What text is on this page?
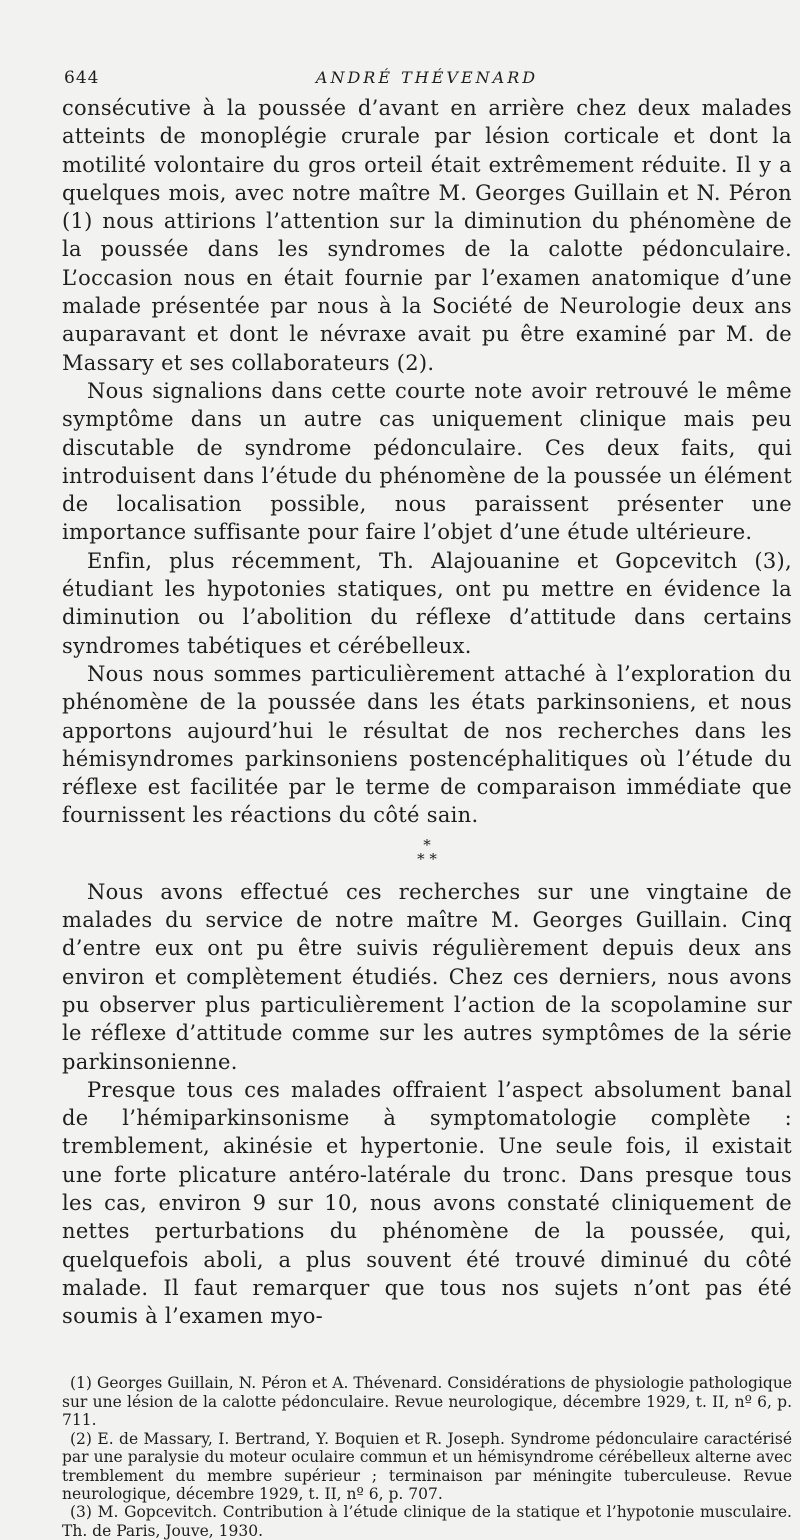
644	ANDRÉ THÉVENARD

consécutive à la poussée d’avant en arrière chez deux malades atteints de monoplégie crurale par lésion corticale et dont la motilité volontaire du gros orteil était extrêmement réduite. Il y a quelques mois, avec notre maître M. Georges Guillain et N. Péron (1) nous attirions l’attention sur la diminution du phénomène de la poussée dans les syndromes de la calotte pédonculaire. L’occasion nous en était fournie par l’examen anatomique d’une malade présentée par nous à la Société de Neurologie deux ans auparavant et dont le névraxe avait pu être examiné par M. de Massary et ses collaborateurs (2).

Nous signalions dans cette courte note avoir retrouvé le même symptôme dans un autre cas uniquement clinique mais peu discutable de syndrome pédonculaire. Ces deux faits, qui introduisent dans l’étude du phénomène de la poussée un élément de localisation possible, nous paraissent présenter une importance suffisante pour faire l’objet d’une étude ultérieure.

Enfin, plus récemment, Th. Alajouanine et Gopcevitch (3), étudiant les hypotonies statiques, ont pu mettre en évidence la diminution ou l’abolition du réflexe d’attitude dans certains syndromes tabétiques et cérébelleux.

Nous nous sommes particulièrement attaché à l’exploration du phénomène de la poussée dans les états parkinsoniens, et nous apportons aujourd’hui le résultat de nos recherches dans les hémisyndromes parkinsoniens postencéphalitiques où l’étude du réflexe est facilitée par le terme de comparaison immédiate que fournissent les réactions du côté sain.

*
* *

Nous avons effectué ces recherches sur une vingtaine de malades du service de notre maître M. Georges Guillain. Cinq d’entre eux ont pu être suivis régulièrement depuis deux ans environ et complètement étudiés. Chez ces derniers, nous avons pu observer plus particulièrement l’action de la scopolamine sur le réflexe d’attitude comme sur les autres symptômes de la série parkinsonienne.

Presque tous ces malades offraient l’aspect absolument banal de l’hémiparkinsonisme à symptomatologie complète : tremblement, akinésie et hypertonie. Une seule fois, il existait une forte plicature antéro-latérale du tronc. Dans presque tous les cas, environ 9 sur 10, nous avons constaté cliniquement de nettes perturbations du phénomène de la poussée, qui, quelquefois aboli, a plus souvent été trouvé diminué du côté malade. Il faut remarquer que tous nos sujets n’ont pas été soumis à l’examen myo-

(1) Georges Guillain, N. Péron et A. Thévenard. Considérations de physiologie pathologique sur une lésion de la calotte pédonculaire. Revue neurologique, décembre 1929, t. II, nº 6, p. 711.

(2) E. de Massary, I. Bertrand, Y. Boquien et R. Joseph. Syndrome pédonculaire caractérisé par une paralysie du moteur oculaire commun et un hémisyndrome cérébelleux alterne avec tremblement du membre supérieur ; terminaison par méningite tuberculeuse. Revue neurologique, décembre 1929, t. II, nº 6, p. 707.

(3) M. Gopcevitch. Contribution à l’étude clinique de la statique et l’hypotonie musculaire. Th. de Paris, Jouve, 1930.
